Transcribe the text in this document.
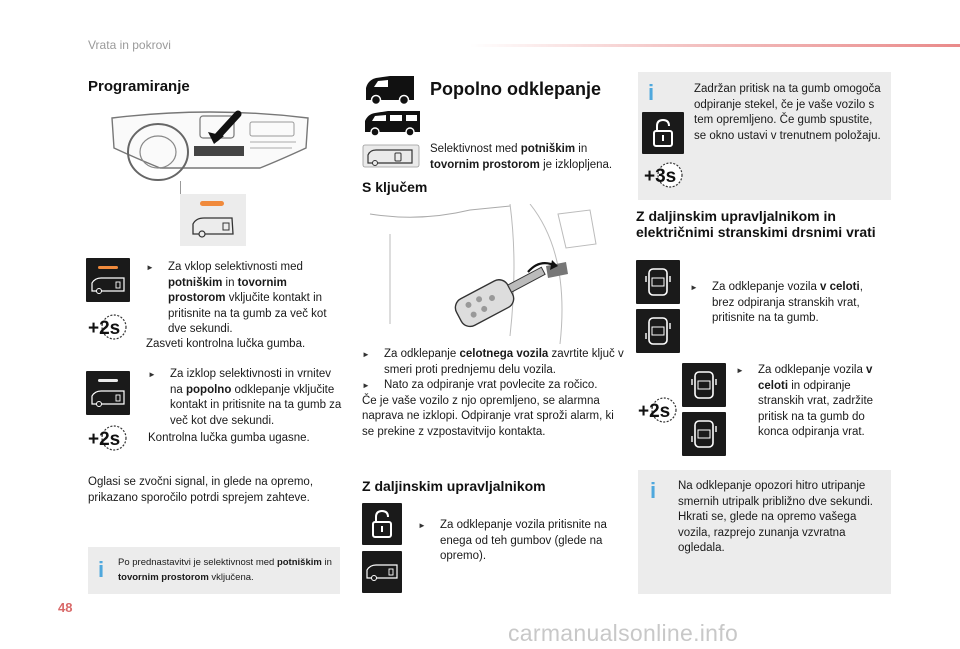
Vrata in pokrovi
Programiranje
+2s
► Za vklop selektivnosti med potniškim in tovornim prostorom vključite kontakt in pritisnite na ta gumb za več kot dve sekundi.
Zasveti kontrolna lučka gumba.
+2s
► Za izklop selektivnosti in vrnitev na popolno odklepanje vključite kontakt in pritisnite na ta gumb za več kot dve sekundi.
Kontrolna lučka gumba ugasne.
Oglasi se zvočni signal, in glede na opremo, prikazano sporočilo potrdi sprejem zahteve.
i Po prednastavitvi je selektivnost med potniškim in tovornim prostorom vključena.
Popolno odklepanje
Selektivnost med potniškim in tovornim prostorom je izklopljena.
S ključem
► Za odklepanje celotnega vozila zavrtite ključ v smeri proti prednjemu delu vozila.
► Nato za odpiranje vrat povlecite za ročico.
Če je vaše vozilo z njo opremljeno, se alarmna naprava ne izklopi. Odpiranje vrat sproži alarm, ki se prekine z vzpostavitvijo kontakta.
Z daljinskim upravljalnikom
► Za odklepanje vozila pritisnite na enega od teh gumbov (glede na opremo).
i
+3s
Zadržan pritisk na ta gumb omogoča odpiranje stekel, če je vaše vozilo s tem opremljeno. Če gumb spustite, se okno ustavi v trenutnem položaju.
Z daljinskim upravljalnikom in električnimi stranskimi drsnimi vrati
► Za odklepanje vozila v celoti, brez odpiranja stranskih vrat, pritisnite na ta gumb.
+2s
► Za odklepanje vozila v celoti in odpiranje stranskih vrat, zadržite pritisk na ta gumb do konca odpiranja vrat.
i Na odklepanje opozori hitro utripanje smernih utripalk približno dve sekundi. Hkrati se, glede na opremo vašega vozila, razprejo zunanja vzvratna ogledala.
48
carmanualsonline.info
